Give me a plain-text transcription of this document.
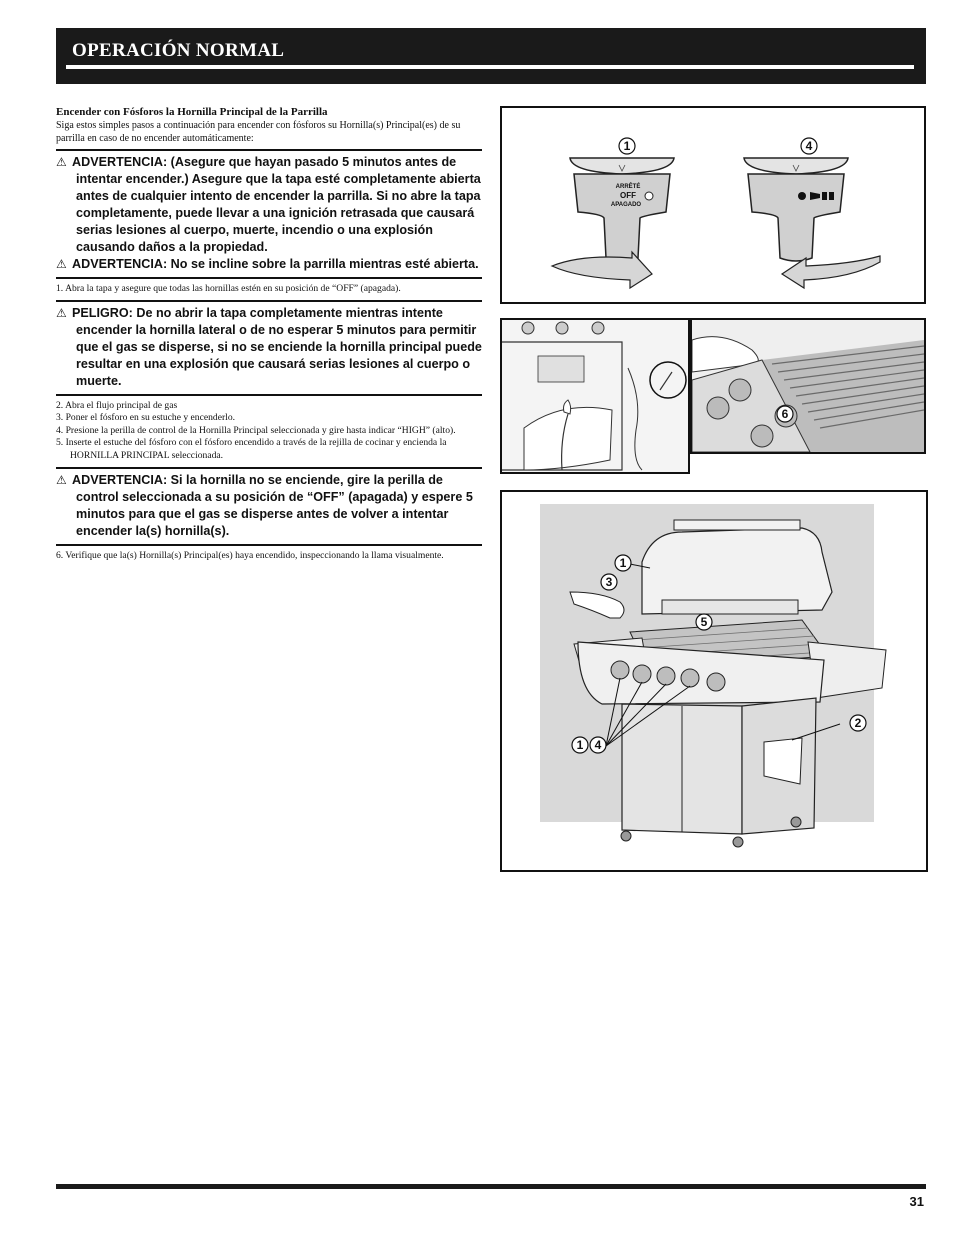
OPERACIÓN NORMAL

Encender con Fósforos la Hornilla Principal de la Parrilla

Siga estos simples pasos a continuación para encender con fósforos su Hornilla(s) Principal(es) de su parrilla en caso de no encender automáticamente:

⚠ ADVERTENCIA: (Asegure que hayan pasado 5 minutos antes de intentar encender.) Asegure que la tapa esté completamente abierta antes de cualquier intento de encender la parrilla. Si no abre la tapa completamente, puede llevar a una ignición retrasada que causará serias lesiones al cuerpo, muerte, incendio o una explosión causando daños a la propiedad.

⚠ ADVERTENCIA: No se incline sobre la parrilla mientras esté abierta.

1. Abra la tapa y asegure que todas las hornillas estén en su posición de “OFF” (apagada).

⚠ PELIGRO: De no abrir la tapa completamente mientras intente encender la hornilla lateral o de no esperar 5 minutos para permitir que el gas se disperse, si no se enciende la hornilla principal puede resultar en una explosión que causará serias lesiones al cuerpo o muerte.

2. Abra el flujo principal de gas

3. Poner el fósforo en su estuche y encenderlo.

4. Presione la perilla de control de la Hornilla Principal seleccionada y gire hasta indicar “HIGH” (alto).

5. Inserte el estuche del fósforo con el fósforo encendido a través de la rejilla de cocinar y encienda la HORNILLA PRINCIPAL seleccionada.

⚠ ADVERTENCIA: Si la hornilla no se enciende, gire la perilla de control seleccionada a su posición de “OFF” (apagada) y espere 5 minutos para que el gas se disperse antes de volver a intentar encender la(s) hornilla(s).

6. Verifique que la(s) Hornilla(s) Principal(es) haya encendido, inspeccionando la llama visualmente.

ARRÊTÉ
OFF
APAGADO
1	4
6
1
3
5
2
1 4
31
